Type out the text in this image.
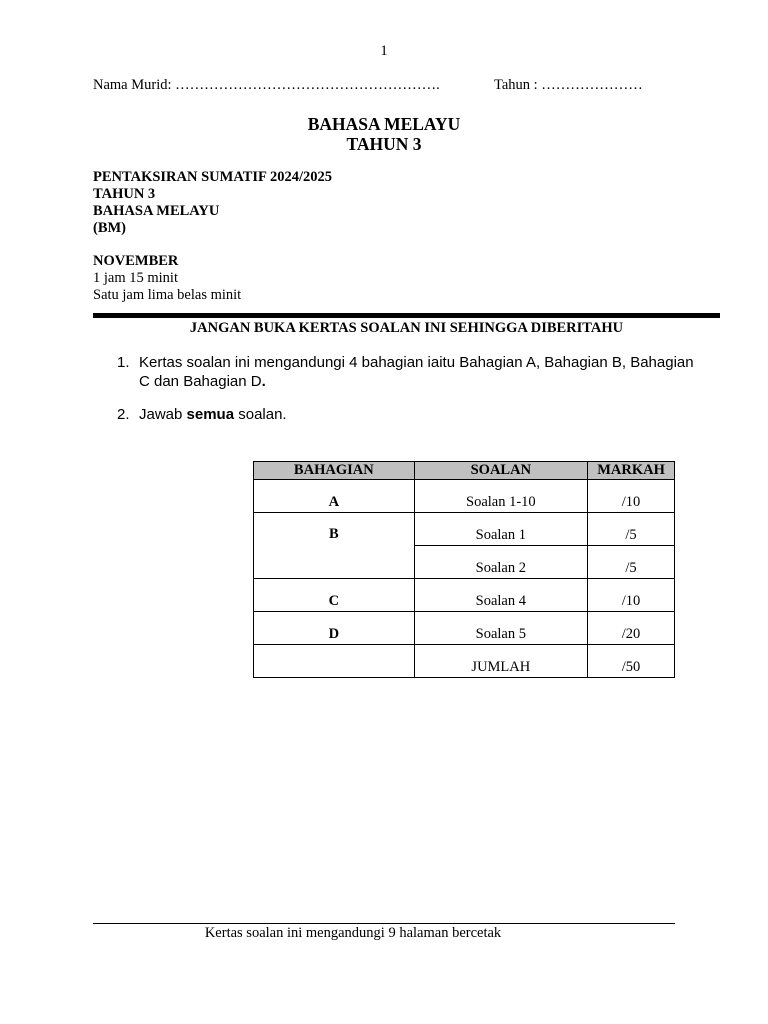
1
Nama Murid: ……………………………………………….	Tahun : …………………
BAHASA MELAYU
TAHUN 3
PENTAKSIRAN SUMATIF 2024/2025
TAHUN 3
BAHASA MELAYU
(BM)
NOVEMBER
1 jam 15 minit
Satu jam lima belas minit
JANGAN BUKA KERTAS SOALAN INI SEHINGGA DIBERITAHU
1. Kertas soalan ini mengandungi 4 bahagian iaitu Bahagian A, Bahagian B, Bahagian C dan Bahagian D.
2. Jawab semua soalan.
BAHAGIAN	SOALAN	MARKAH
A	Soalan 1-10	/10
B	Soalan 1	/5
	Soalan 2	/5
C	Soalan 4	/10
D	Soalan 5	/20
	JUMLAH	/50
Kertas soalan ini mengandungi 9 halaman bercetak
